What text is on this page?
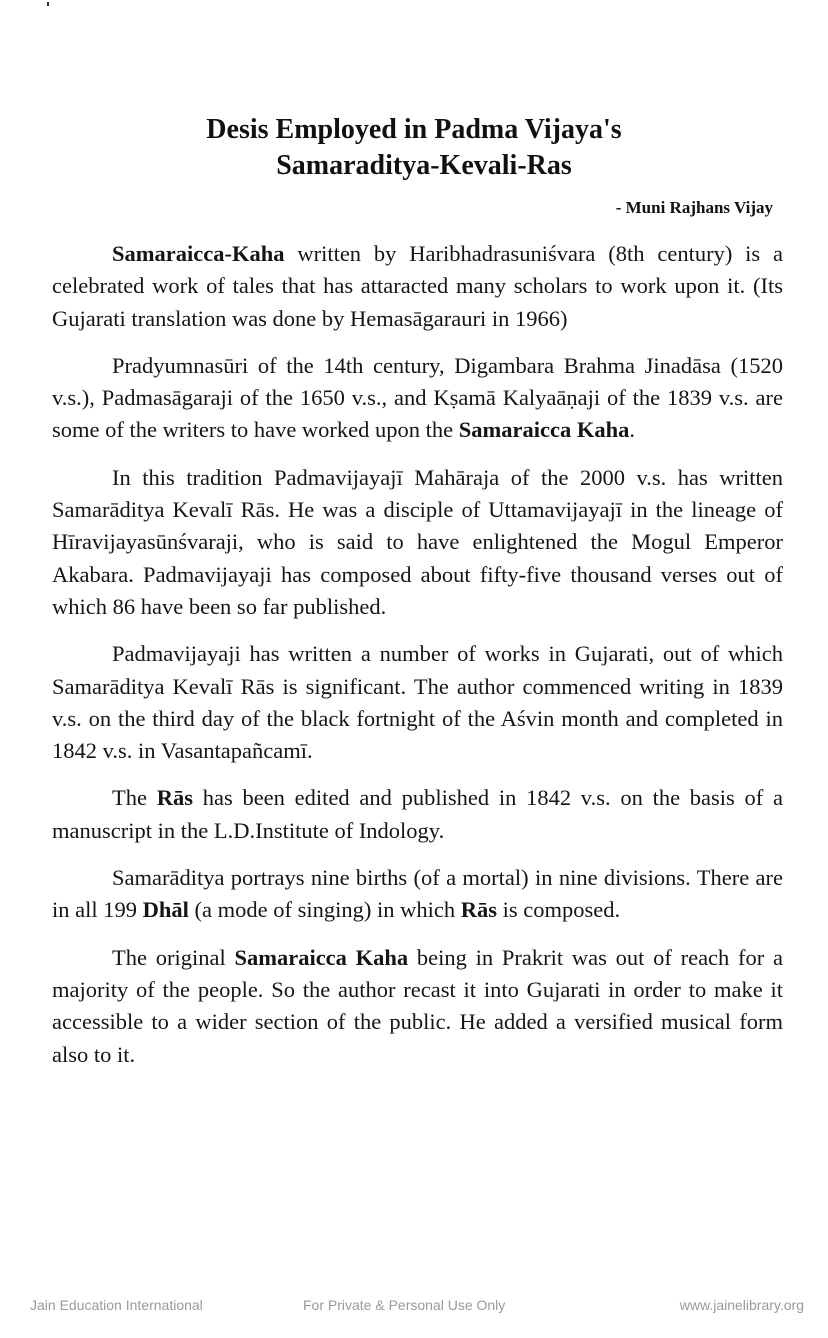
Desis Employed in Padma Vijaya's
Samaraditya-Kevali-Ras
- Muni Rajhans Vijay

Samaraicca-Kaha written by Haribhadrasuniśvara (8th century) is a celebrated work of tales that has attaracted many scholars to work upon it. (Its Gujarati translation was done by Hemasāgarauri in 1966)

Pradyumnasūri of the 14th century, Digambara Brahma Jinadāsa (1520 v.s.), Padmasāgaraji of the 1650 v.s., and Kṣamā Kalyaāṇaji of the 1839 v.s. are some of the writers to have worked upon the Samaraicca Kaha.

In this tradition Padmavijayajī Mahāraja of the 2000 v.s. has written Samarāditya Kevalī Rās. He was a disciple of Uttamavijayajī in the lineage of Hīravijayasūnśvaraji, who is said to have enlightened the Mogul Emperor Akabara. Padmavijayaji has composed about fifty-five thousand verses out of which 86 have been so far published.

Padmavijayaji has written a number of works in Gujarati, out of which Samarāditya Kevalī Rās is significant. The author commenced writing in 1839 v.s. on the third day of the black fortnight of the Aśvin month and completed in 1842 v.s. in Vasantapañcamī.

The Rās has been edited and published in 1842 v.s. on the basis of a manuscript in the L.D.Institute of Indology.

Samarāditya portrays nine births (of a mortal) in nine divisions. There are in all 199 Dhāl (a mode of singing) in which Rās is composed.

The original Samaraicca Kaha being in Prakrit was out of reach for a majority of the people. So the author recast it into Gujarati in order to make it accessible to a wider section of the public. He added a versified musical form also to it.

Jain Education International	For Private & Personal Use Only	www.jainelibrary.org
